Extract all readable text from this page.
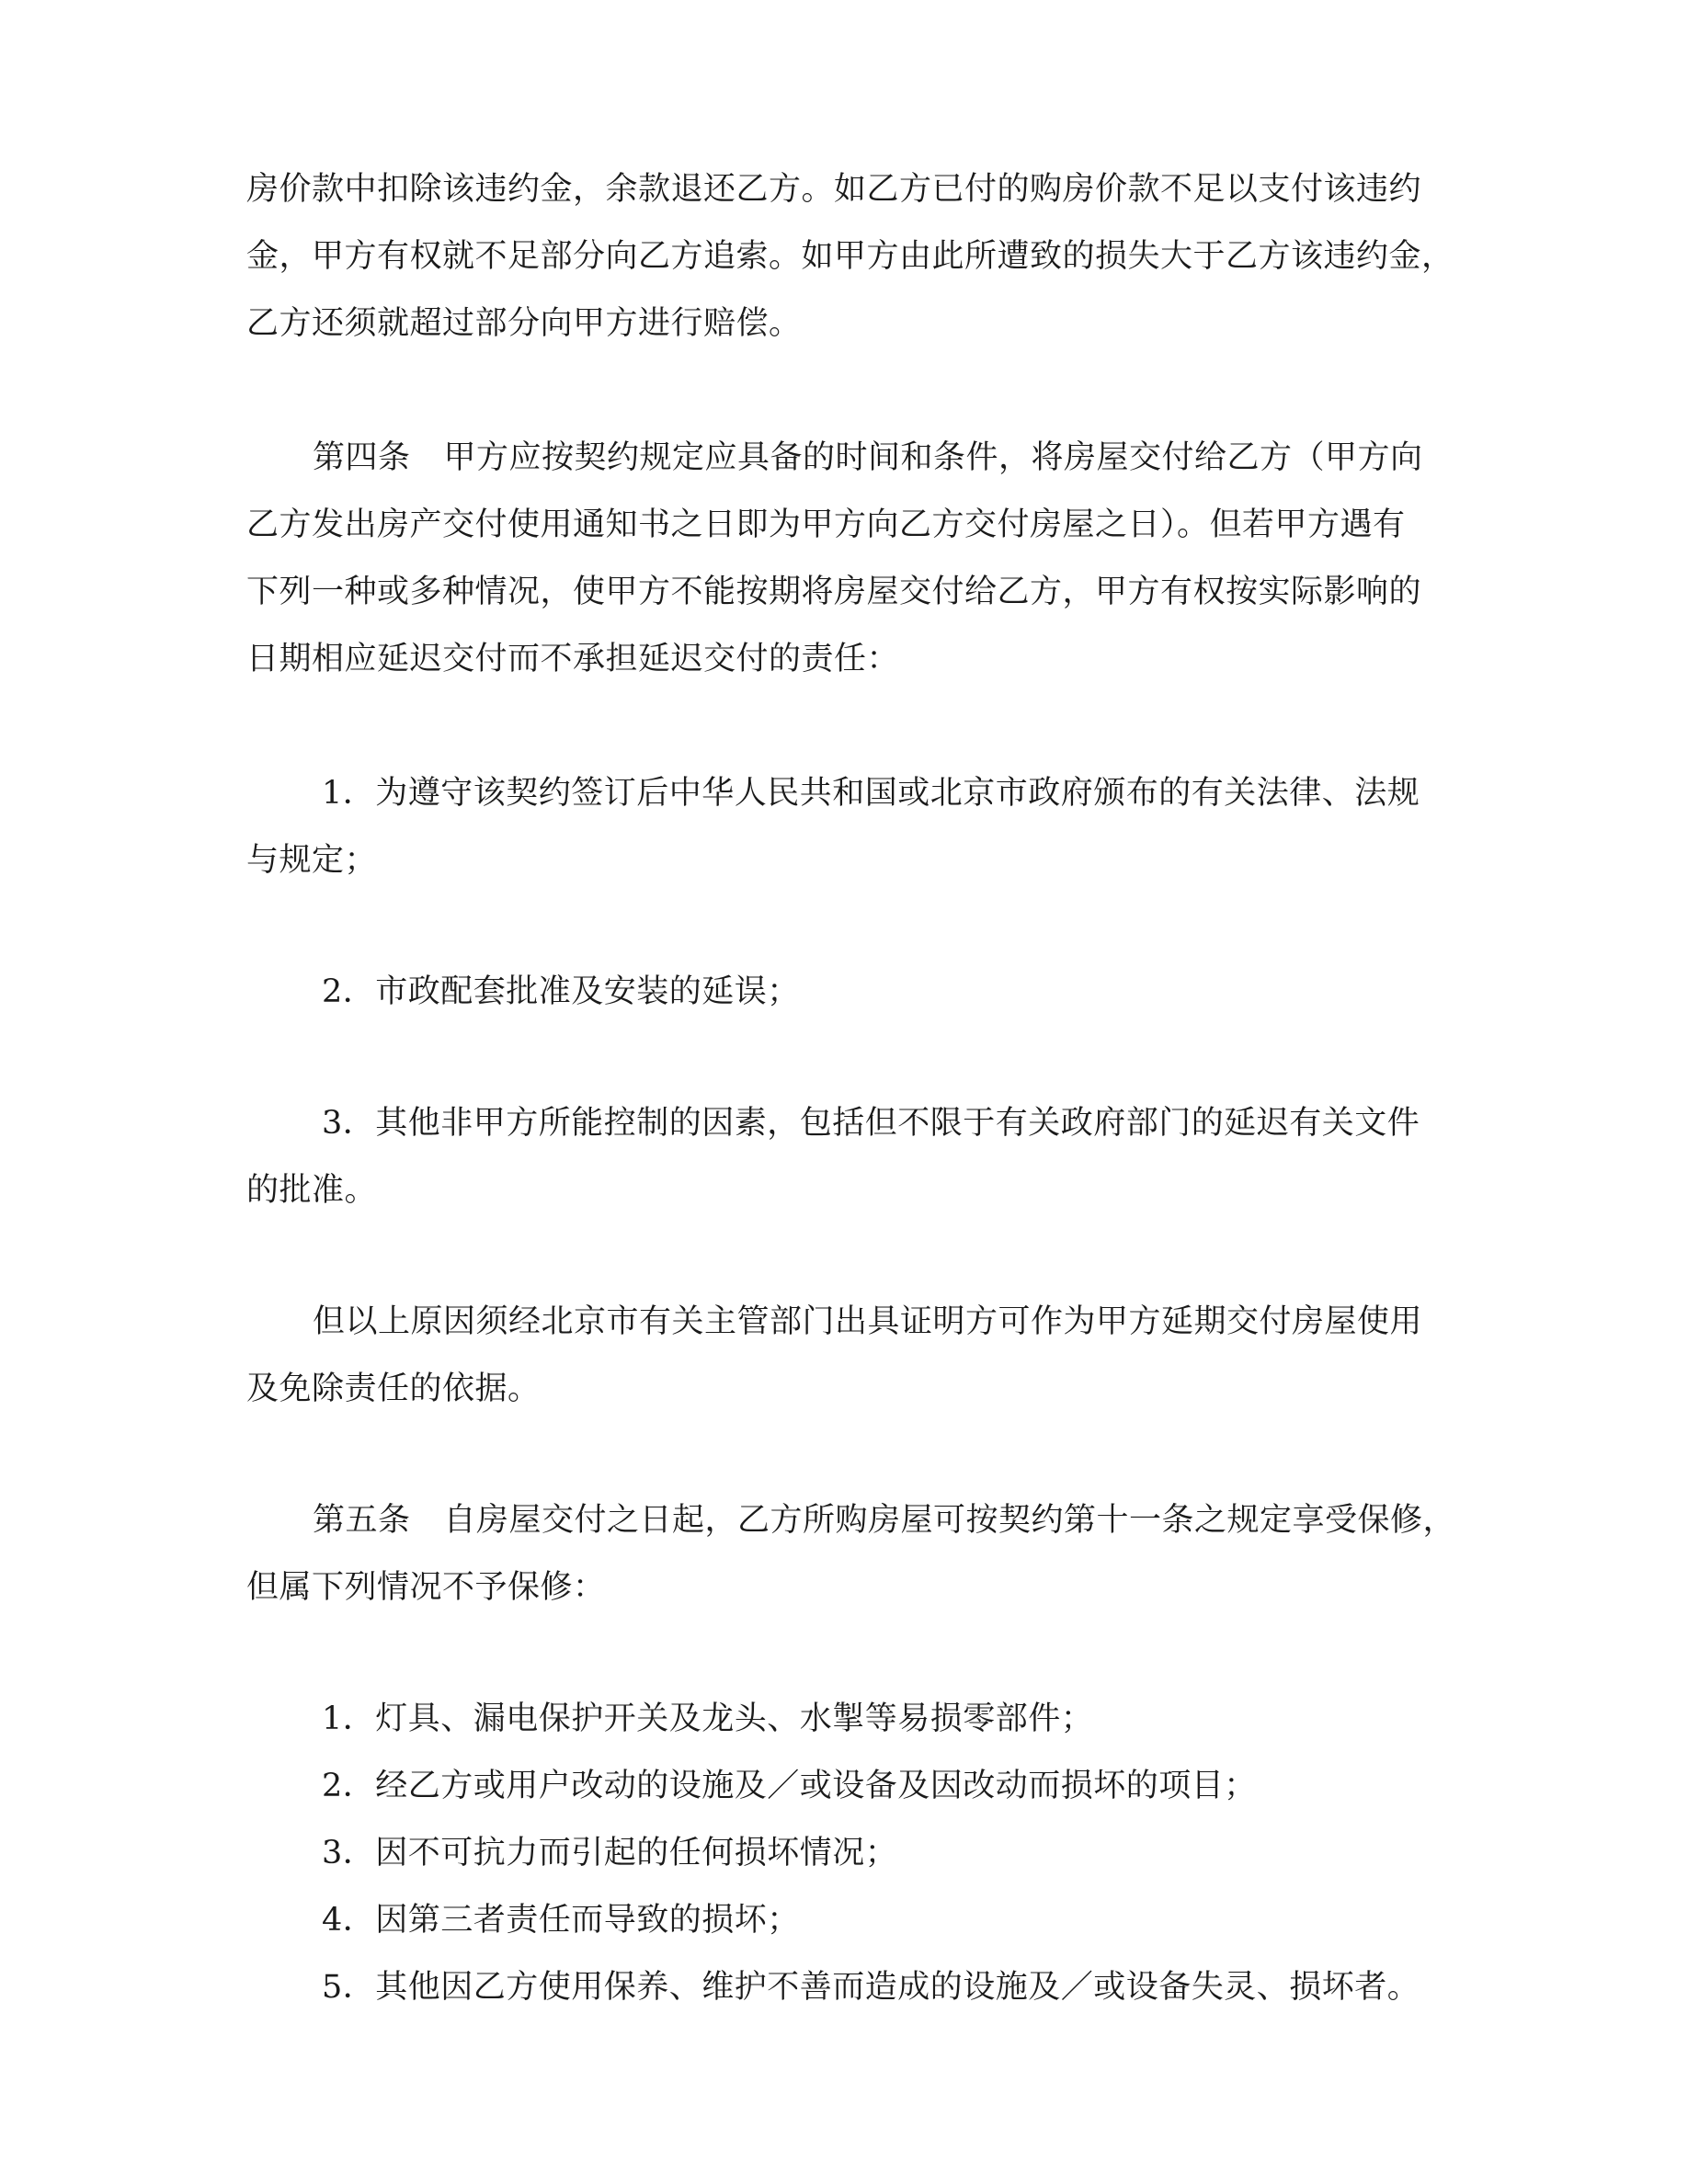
房价款中扣除该违约金，余款退还乙方。如乙方已付的购房价款不足以支付该违约
金，甲方有权就不足部分向乙方追索。如甲方由此所遭致的损失大于乙方该违约金，
乙方还须就超过部分向甲方进行赔偿。
第四条 甲方应按契约规定应具备的时间和条件，将房屋交付给乙方（甲方向
乙方发出房产交付使用通知书之日即为甲方向乙方交付房屋之日）。但若甲方遇有
下列一种或多种情况，使甲方不能按期将房屋交付给乙方，甲方有权按实际影响的
日期相应延迟交付而不承担延迟交付的责任：
1．为遵守该契约签订后中华人民共和国或北京市政府颁布的有关法律、法规
与规定；
2．市政配套批准及安装的延误；
3．其他非甲方所能控制的因素，包括但不限于有关政府部门的延迟有关文件
的批准。
但以上原因须经北京市有关主管部门出具证明方可作为甲方延期交付房屋使用
及免除责任的依据。
第五条 自房屋交付之日起，乙方所购房屋可按契约第十一条之规定享受保修，
但属下列情况不予保修：
1．灯具、漏电保护开关及龙头、水掣等易损零部件；
2．经乙方或用户改动的设施及／或设备及因改动而损坏的项目；
3．因不可抗力而引起的任何损坏情况；
4．因第三者责任而导致的损坏；
5．其他因乙方使用保养、维护不善而造成的设施及／或设备失灵、损坏者。
